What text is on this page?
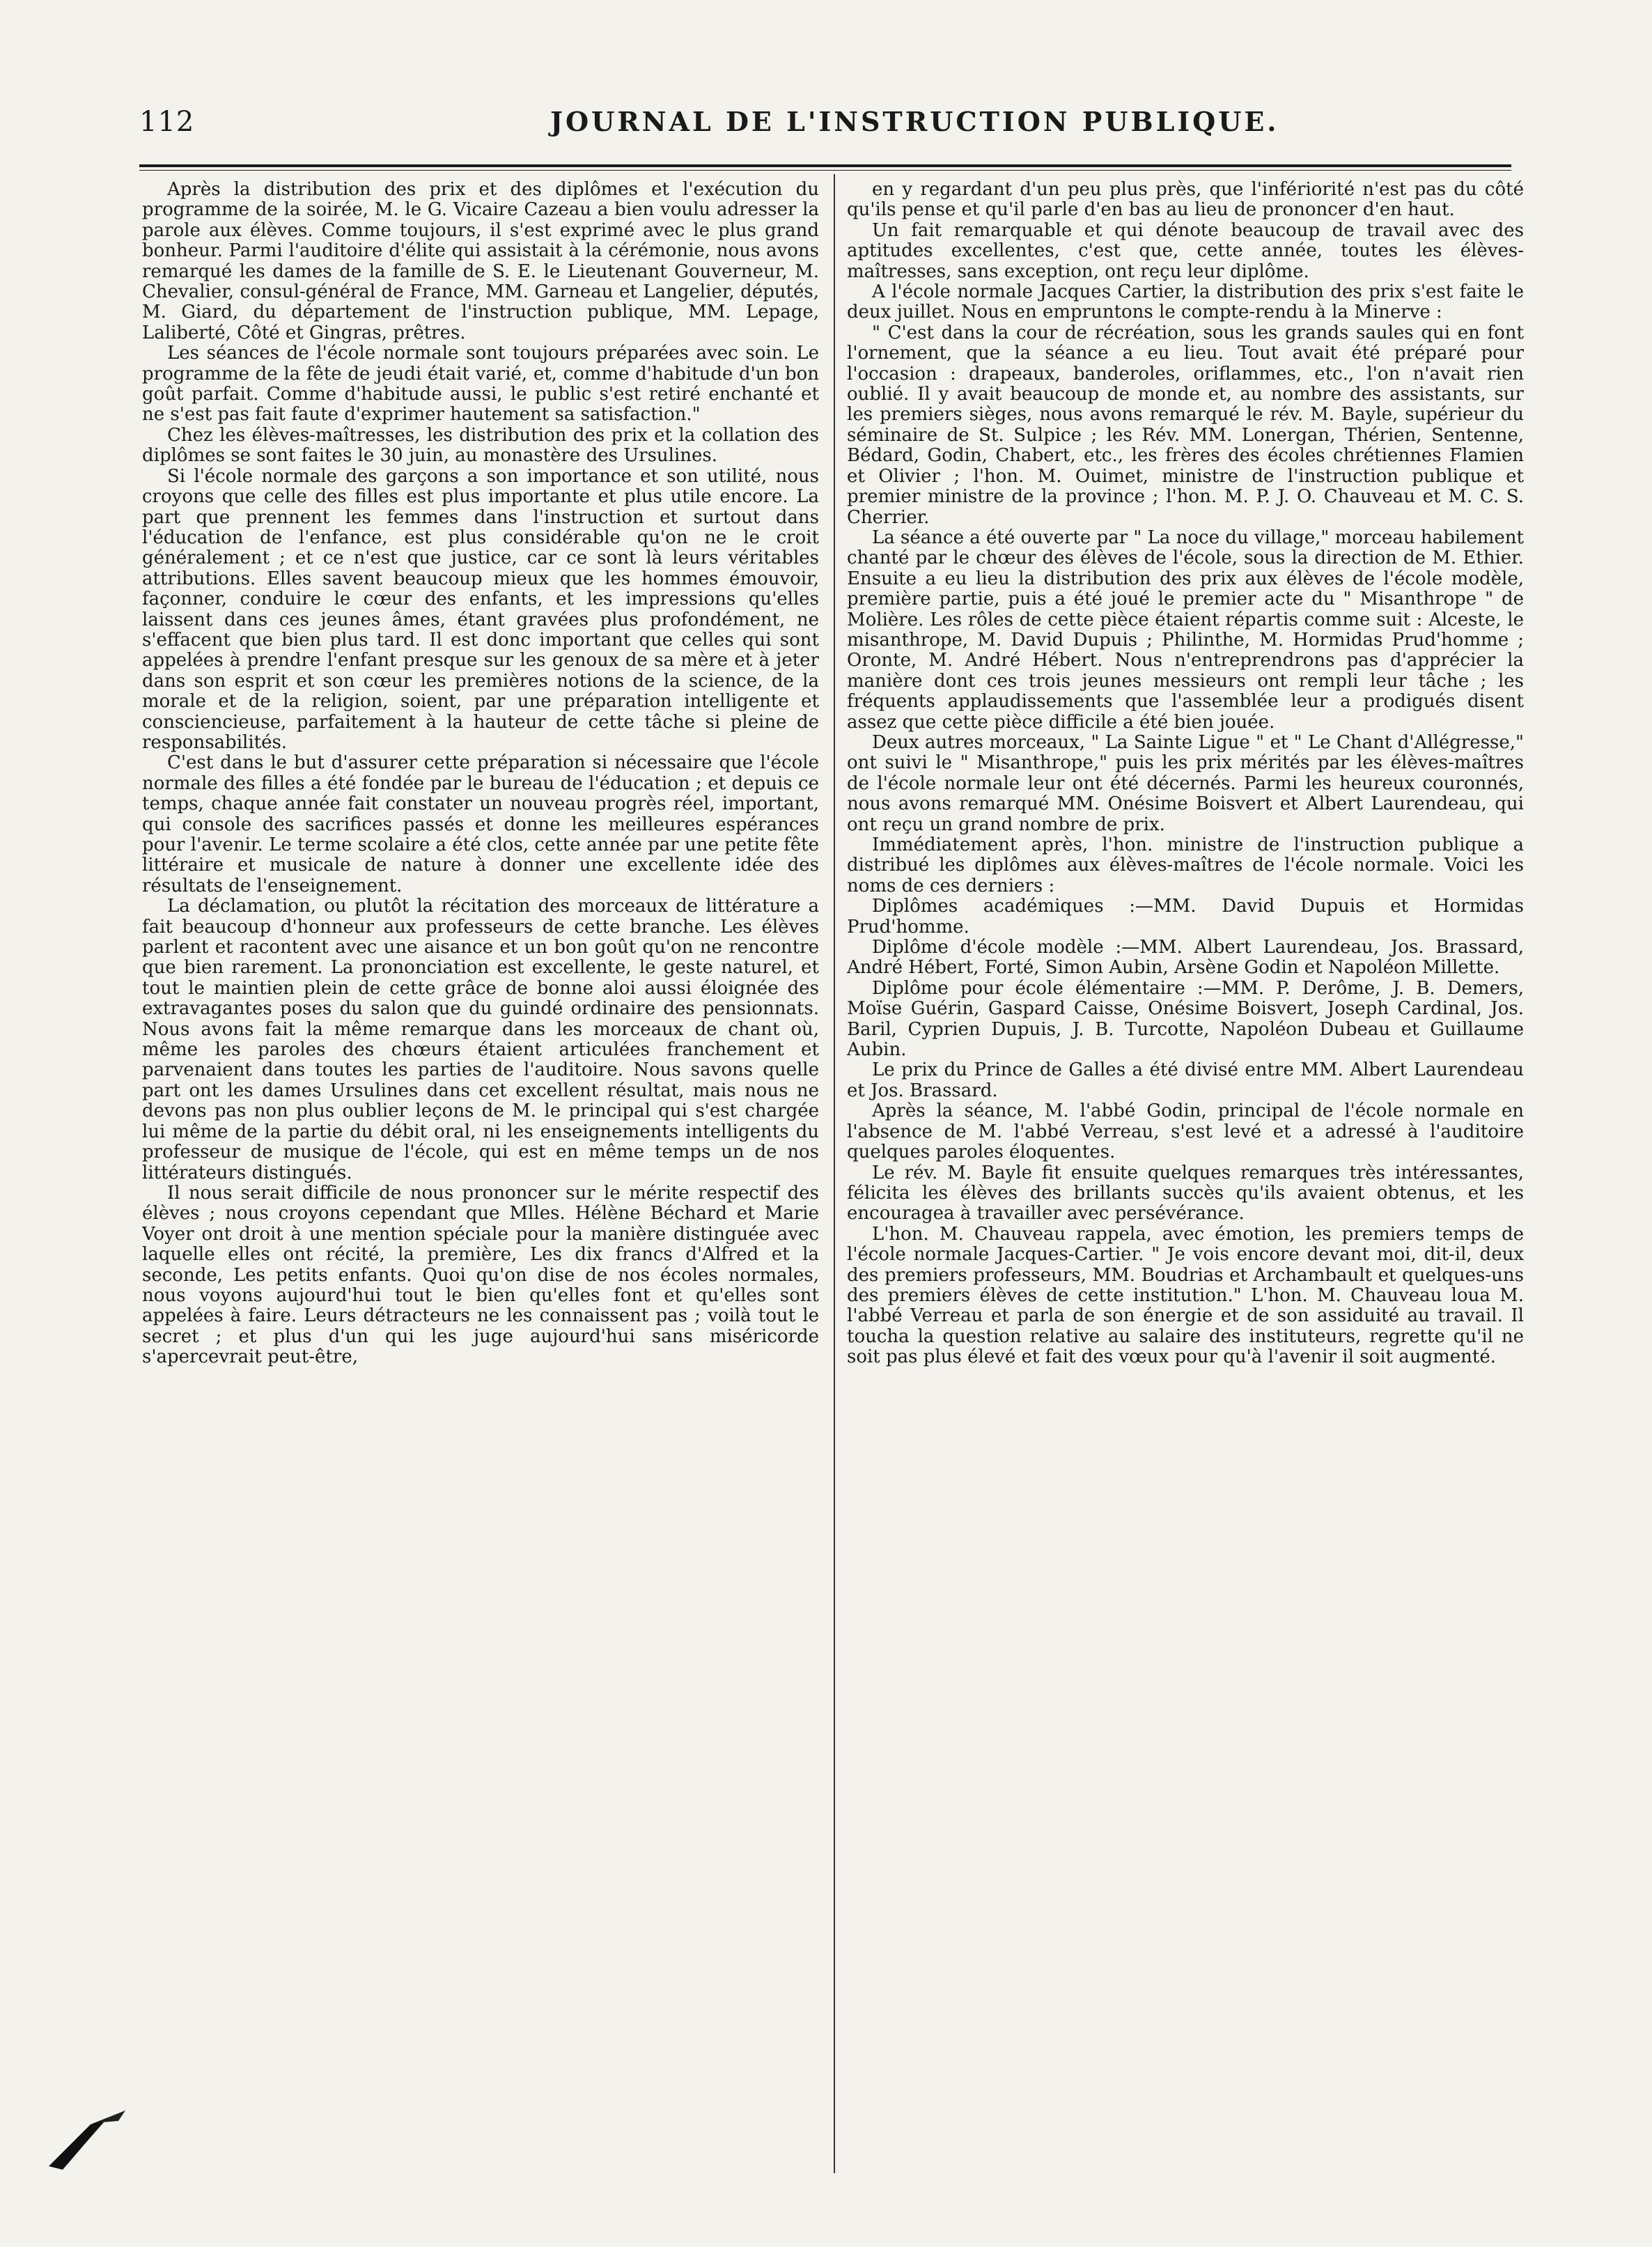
112	JOURNAL DE L'INSTRUCTION PUBLIQUE.

Après la distribution des prix et des diplômes et l'exécution du programme de la soirée, M. le G. Vicaire Cazeau a bien voulu adresser la parole aux élèves. Comme toujours, il s'est exprimé avec le plus grand bonheur. Parmi l'auditoire d'élite qui assistait à la cérémonie, nous avons remarqué les dames de la famille de S. E. le Lieutenant Gouverneur, M. Chevalier, consul-général de France, MM. Garneau et Langelier, députés, M. Giard, du département de l'instruction publique, MM. Lepage, Laliberté, Côté et Gingras, prêtres.

Les séances de l'école normale sont toujours préparées avec soin. Le programme de la fête de jeudi était varié, et, comme d'habitude d'un bon goût parfait. Comme d'habitude aussi, le public s'est retiré enchanté et ne s'est pas fait faute d'exprimer hautement sa satisfaction."

Chez les élèves-maîtresses, les distribution des prix et la collation des diplômes se sont faites le 30 juin, au monastère des Ursulines.

Si l'école normale des garçons a son importance et son utilité, nous croyons que celle des filles est plus importante et plus utile encore. La part que prennent les femmes dans l'instruction et surtout dans l'éducation de l'enfance, est plus considérable qu'on ne le croit généralement ; et ce n'est que justice, car ce sont là leurs véritables attributions. Elles savent beaucoup mieux que les hommes émouvoir, façonner, conduire le cœur des enfants, et les impressions qu'elles laissent dans ces jeunes âmes, étant gravées plus profondément, ne s'effacent que bien plus tard. Il est donc important que celles qui sont appelées à prendre l'enfant presque sur les genoux de sa mère et à jeter dans son esprit et son cœur les premières notions de la science, de la morale et de la religion, soient, par une préparation intelligente et consciencieuse, parfaitement à la hauteur de cette tâche si pleine de responsabilités.

C'est dans le but d'assurer cette préparation si nécessaire que l'école normale des filles a été fondée par le bureau de l'éducation ; et depuis ce temps, chaque année fait constater un nouveau progrès réel, important, qui console des sacrifices passés et donne les meilleures espérances pour l'avenir. Le terme scolaire a été clos, cette année par une petite fête littéraire et musicale de nature à donner une excellente idée des résultats de l'enseignement.

La déclamation, ou plutôt la récitation des morceaux de littérature a fait beaucoup d'honneur aux professeurs de cette branche. Les élèves parlent et racontent avec une aisance et un bon goût qu'on ne rencontre que bien rarement. La prononciation est excellente, le geste naturel, et tout le maintien plein de cette grâce de bonne aloi aussi éloignée des extravagantes poses du salon que du guindé ordinaire des pensionnats. Nous avons fait la même remarque dans les morceaux de chant où, même les paroles des chœurs étaient articulées franchement et parvenaient dans toutes les parties de l'auditoire. Nous savons quelle part ont les dames Ursulines dans cet excellent résultat, mais nous ne devons pas non plus oublier leçons de M. le principal qui s'est chargée lui même de la partie du débit oral, ni les enseignements intelligents du professeur de musique de l'école, qui est en même temps un de nos littérateurs distingués.

Il nous serait difficile de nous prononcer sur le mérite respectif des élèves ; nous croyons cependant que Mlles. Hélène Béchard et Marie Voyer ont droit à une mention spéciale pour la manière distinguée avec laquelle elles ont récité, la première, Les dix francs d'Alfred et la seconde, Les petits enfants. Quoi qu'on dise de nos écoles normales, nous voyons aujourd'hui tout le bien qu'elles font et qu'elles sont appelées à faire. Leurs détracteurs ne les connaissent pas ; voilà tout le secret ; et plus d'un qui les juge aujourd'hui sans miséricorde s'apercevrait peut-être,

en y regardant d'un peu plus près, que l'infériorité n'est pas du côté qu'ils pense et qu'il parle d'en bas au lieu de prononcer d'en haut.

Un fait remarquable et qui dénote beaucoup de travail avec des aptitudes excellentes, c'est que, cette année, toutes les élèves-maîtresses, sans exception, ont reçu leur diplôme.

A l'école normale Jacques Cartier, la distribution des prix s'est faite le deux juillet. Nous en empruntons le compte-rendu à la Minerve :

" C'est dans la cour de récréation, sous les grands saules qui en font l'ornement, que la séance a eu lieu. Tout avait été préparé pour l'occasion : drapeaux, banderoles, oriflammes, etc., l'on n'avait rien oublié. Il y avait beaucoup de monde et, au nombre des assistants, sur les premiers sièges, nous avons remarqué le rév. M. Bayle, supérieur du séminaire de St. Sulpice ; les Rév. MM. Lonergan, Thérien, Sentenne, Bédard, Godin, Chabert, etc., les frères des écoles chrétiennes Flamien et Olivier ; l'hon. M. Ouimet, ministre de l'instruction publique et premier ministre de la province ; l'hon. M. P. J. O. Chauveau et M. C. S. Cherrier.

La séance a été ouverte par " La noce du village," morceau habilement chanté par le chœur des élèves de l'école, sous la direction de M. Ethier. Ensuite a eu lieu la distribution des prix aux élèves de l'école modèle, première partie, puis a été joué le premier acte du " Misanthrope " de Molière. Les rôles de cette pièce étaient répartis comme suit : Alceste, le misanthrope, M. David Dupuis ; Philinthe, M. Hormidas Prud'homme ; Oronte, M. André Hébert. Nous n'entreprendrons pas d'apprécier la manière dont ces trois jeunes messieurs ont rempli leur tâche ; les fréquents applaudissements que l'assemblée leur a prodigués disent assez que cette pièce difficile a été bien jouée.

Deux autres morceaux, " La Sainte Ligue " et " Le Chant d'Allégresse," ont suivi le " Misanthrope," puis les prix mérités par les élèves-maîtres de l'école normale leur ont été décernés. Parmi les heureux couronnés, nous avons remarqué MM. Onésime Boisvert et Albert Laurendeau, qui ont reçu un grand nombre de prix.

Immédiatement après, l'hon. ministre de l'instruction publique a distribué les diplômes aux élèves-maîtres de l'école normale. Voici les noms de ces derniers :

Diplômes académiques :—MM. David Dupuis et Hormidas Prud'homme.

Diplôme d'école modèle :—MM. Albert Laurendeau, Jos. Brassard, André Hébert, Forté, Simon Aubin, Arsène Godin et Napoléon Millette.

Diplôme pour école élémentaire :—MM. P. Derôme, J. B. Demers, Moïse Guérin, Gaspard Caisse, Onésime Boisvert, Joseph Cardinal, Jos. Baril, Cyprien Dupuis, J. B. Turcotte, Napoléon Dubeau et Guillaume Aubin.

Le prix du Prince de Galles a été divisé entre MM. Albert Laurendeau et Jos. Brassard.

Après la séance, M. l'abbé Godin, principal de l'école normale en l'absence de M. l'abbé Verreau, s'est levé et a adressé à l'auditoire quelques paroles éloquentes.

Le rév. M. Bayle fit ensuite quelques remarques très intéressantes, félicita les élèves des brillants succès qu'ils avaient obtenus, et les encouragea à travailler avec persévérance.

L'hon. M. Chauveau rappela, avec émotion, les premiers temps de l'école normale Jacques-Cartier. " Je vois encore devant moi, dit-il, deux des premiers professeurs, MM. Boudrias et Archambault et quelques-uns des premiers élèves de cette institution." L'hon. M. Chauveau loua M. l'abbé Verreau et parla de son énergie et de son assiduité au travail. Il toucha la question relative au salaire des instituteurs, regrette qu'il ne soit pas plus élevé et fait des vœux pour qu'à l'avenir il soit augmenté.
